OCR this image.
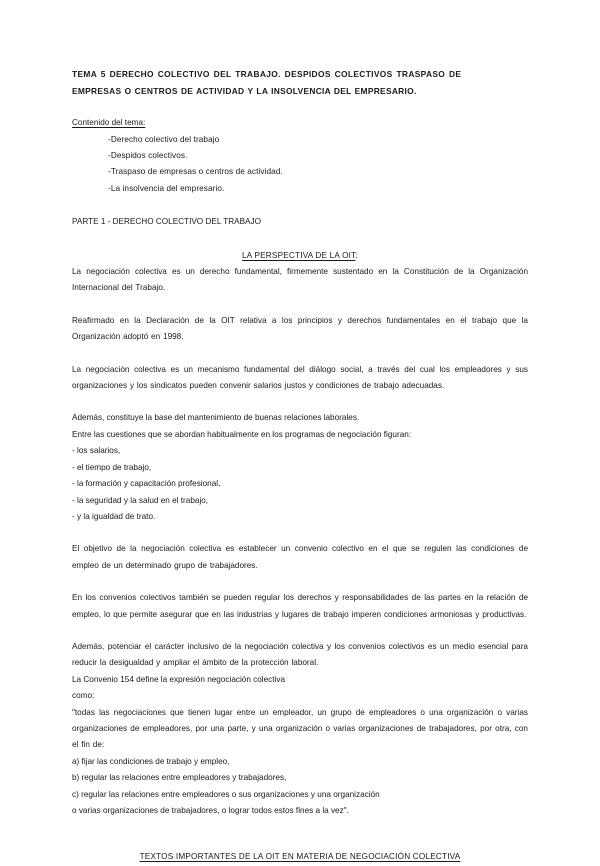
TEMA 5 DERECHO COLECTIVO DEL TRABAJO. DESPIDOS COLECTIVOS TRASPASO DE
EMPRESAS O CENTROS DE ACTIVIDAD Y LA INSOLVENCIA DEL EMPRESARIO.

Contenido del tema:

-Derecho colectivo del trabajo

-Despidos colectivos.

-Traspaso de empresas o centros de actividad.

-La insolvencia del empresario.

PARTE 1 - DERECHO COLECTIVO DEL TRABAJO

LA PERSPECTIVA DE LA OIT:

La negociación colectiva es un derecho fundamental, firmemente sustentado en la Constitución de la Organización Internacional del Trabajo.

Reafirmado en la Declaración de la OIT relativa a los principios y derechos fundamentales en el trabajo que la Organización adoptó en 1998.

La negociación colectiva es un mecanismo fundamental del diálogo social, a través del cual los empleadores y sus organizaciones y los sindicatos pueden convenir salarios justos y condiciones de trabajo adecuadas.

Además, constituye la base del mantenimiento de buenas relaciones laborales.

Entre las cuestiones que se abordan habitualmente en los programas de negociación figuran:

- los salarios,

- el tiempo de trabajo,

- la formación y capacitación profesional,

- la seguridad y la salud en el trabajo,

- y la igualdad de trato.

El objetivo de la negociación colectiva es establecer un convenio colectivo en el que se regulen las condiciones de empleo de un determinado grupo de trabajadores.

En los convenios colectivos también se pueden regular los derechos y responsabilidades de las partes en la relación de empleo, lo que permite asegurar que en las industrias y lugares de trabajo imperen condiciones armoniosas y productivas.

Además, potenciar el carácter inclusivo de la negociación colectiva y los convenios colectivos es un medio esencial para reducir la desigualdad y ampliar el ámbito de la protección laboral.

La Convenio 154 define la expresión negociación colectiva

como:

"todas las negociaciones que tienen lugar entre un empleador, un grupo de empleadores o una organización o varias organizaciones de empleadores, por una parte, y una organización o varias organizaciones de trabajadores, por otra, con el fin de:

a) fijar las condiciones de trabajo y empleo,

b) regular las relaciones entre empleadores y trabajadores,

c) regular las relaciones entre empleadores o sus organizaciones y una organización

o varias organizaciones de trabajadores, o lograr todos estos fines a la vez".

TEXTOS IMPORTANTES DE LA OIT EN MATERIA DE NEGOCIACIÓN COLECTIVA
